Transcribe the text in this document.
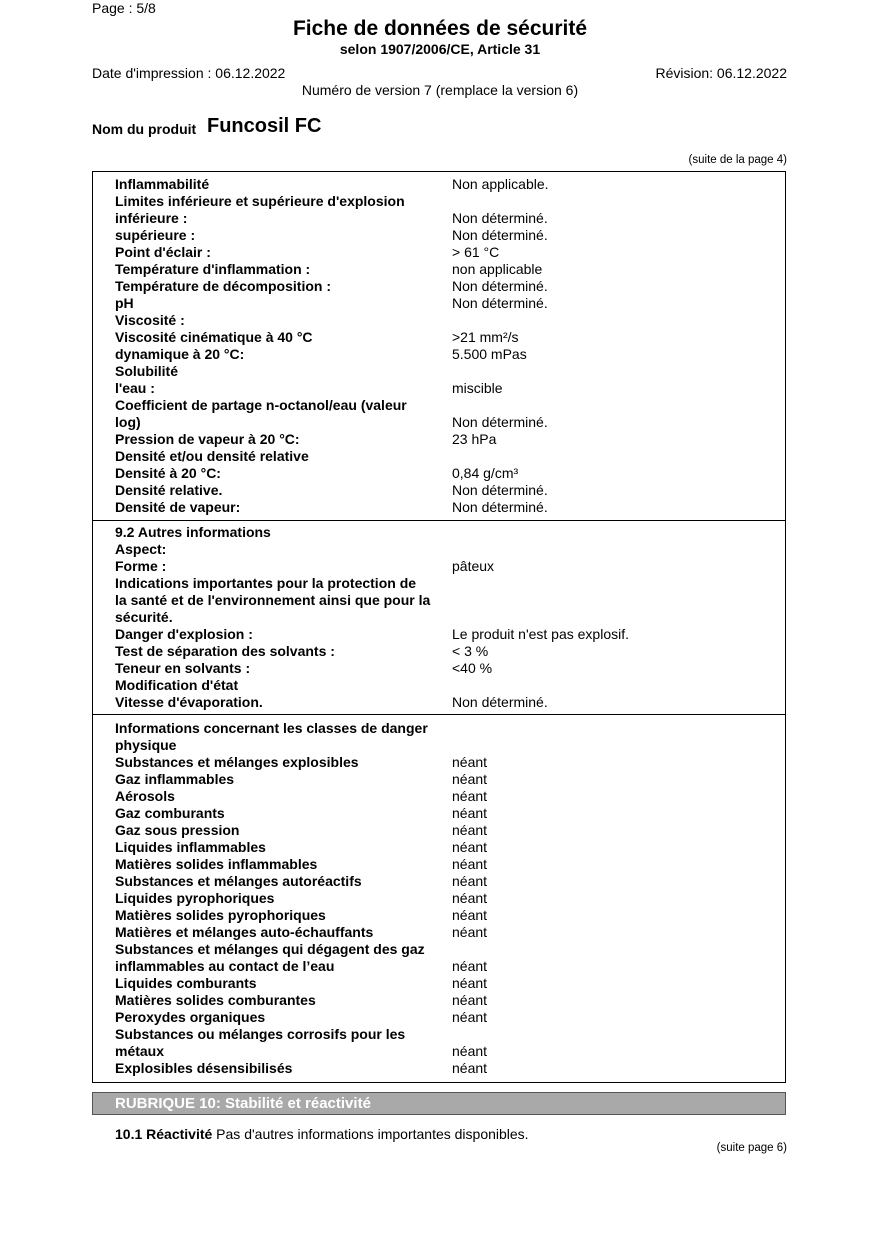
Page : 5/8
Fiche de données de sécurité
selon 1907/2006/CE, Article 31
Date d'impression : 06.12.2022	Révision: 06.12.2022
Numéro de version 7 (remplace la version 6)
Nom du produit Funcosil FC
(suite de la page 4)
Inflammabilité	Non applicable.
Limites inférieure et supérieure d'explosion
inférieure :	Non déterminé.
supérieure :	Non déterminé.
Point d'éclair :	> 61 °C
Température d'inflammation :	non applicable
Température de décomposition :	Non déterminé.
pH	Non déterminé.
Viscosité :
Viscosité cinématique à 40 °C	>21 mm²/s
dynamique à 20 °C:	5.500 mPas
Solubilité
l'eau :	miscible
Coefficient de partage n-octanol/eau (valeur
log)	Non déterminé.
Pression de vapeur à 20 °C:	23 hPa
Densité et/ou densité relative
Densité à 20 °C:	0,84 g/cm³
Densité relative.	Non déterminé.
Densité de vapeur:	Non déterminé.
9.2 Autres informations
Aspect:
Forme :	pâteux
Indications importantes pour la protection de
la santé et de l'environnement ainsi que pour la
sécurité.
Danger d'explosion :	Le produit n'est pas explosif.
Test de séparation des solvants :	< 3 %
Teneur en solvants :	<40 %
Modification d'état
Vitesse d'évaporation.	Non déterminé.
Informations concernant les classes de danger
physique
Substances et mélanges explosibles	néant
Gaz inflammables	néant
Aérosols	néant
Gaz comburants	néant
Gaz sous pression	néant
Liquides inflammables	néant
Matières solides inflammables	néant
Substances et mélanges autoréactifs	néant
Liquides pyrophoriques	néant
Matières solides pyrophoriques	néant
Matières et mélanges auto-échauffants	néant
Substances et mélanges qui dégagent des gaz
inflammables au contact de l’eau	néant
Liquides comburants	néant
Matières solides comburantes	néant
Peroxydes organiques	néant
Substances ou mélanges corrosifs pour les
métaux	néant
Explosibles désensibilisés	néant
RUBRIQUE 10: Stabilité et réactivité
10.1 Réactivité Pas d'autres informations importantes disponibles.
(suite page 6)
